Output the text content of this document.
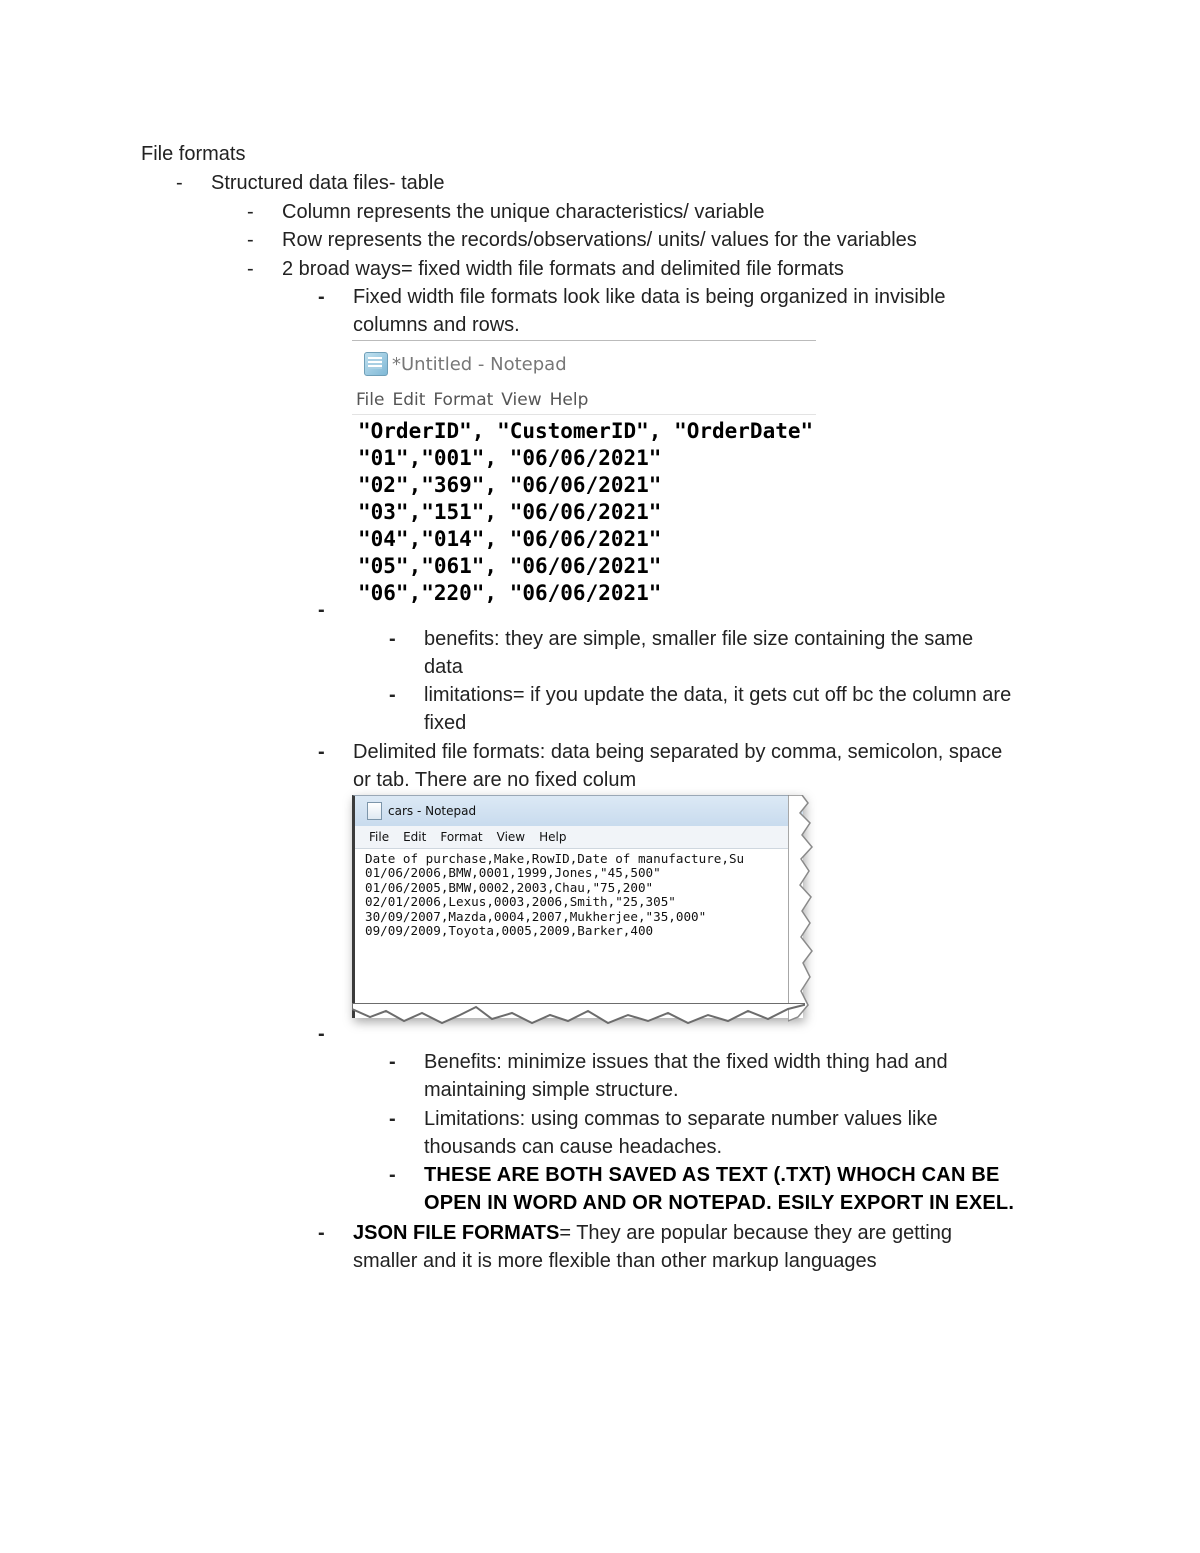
File formats
- Structured data files- table
- Column represents the unique characteristics/ variable
- Row represents the records/observations/ units/ values for the variables
- 2 broad ways= fixed width file formats and delimited file formats
- Fixed width file formats look like data is being organized in invisible
columns and rows.
*Untitled - Notepad
File Edit Format View Help
"OrderID", "CustomerID", "OrderDate"
"01","001", "06/06/2021"
"02","369", "06/06/2021"
"03","151", "06/06/2021"
"04","014", "06/06/2021"
"05","061", "06/06/2021"
"06","220", "06/06/2021"
-
- benefits: they are simple, smaller file size containing the same
data
- limitations= if you update the data, it gets cut off bc the column are
fixed
- Delimited file formats: data being separated by comma, semicolon, space
or tab. There are no fixed colum
cars - Notepad
File Edit Format View Help
Date of purchase,Make,RowID,Date of manufacture,Su
01/06/2006,BMW,0001,1999,Jones,"45,500"
01/06/2005,BMW,0002,2003,Chau,"75,200"
02/01/2006,Lexus,0003,2006,Smith,"25,305"
30/09/2007,Mazda,0004,2007,Mukherjee,"35,000"
09/09/2009,Toyota,0005,2009,Barker,400
-
- Benefits: minimize issues that the fixed width thing had and
maintaining simple structure.
- Limitations: using commas to separate number values like
thousands can cause headaches.
- THESE ARE BOTH SAVED AS TEXT (.TXT) WHOCH CAN BE
OPEN IN WORD AND OR NOTEPAD. ESILY EXPORT IN EXEL.
- JSON FILE FORMATS= They are popular because they are getting
smaller and it is more flexible than other markup languages
